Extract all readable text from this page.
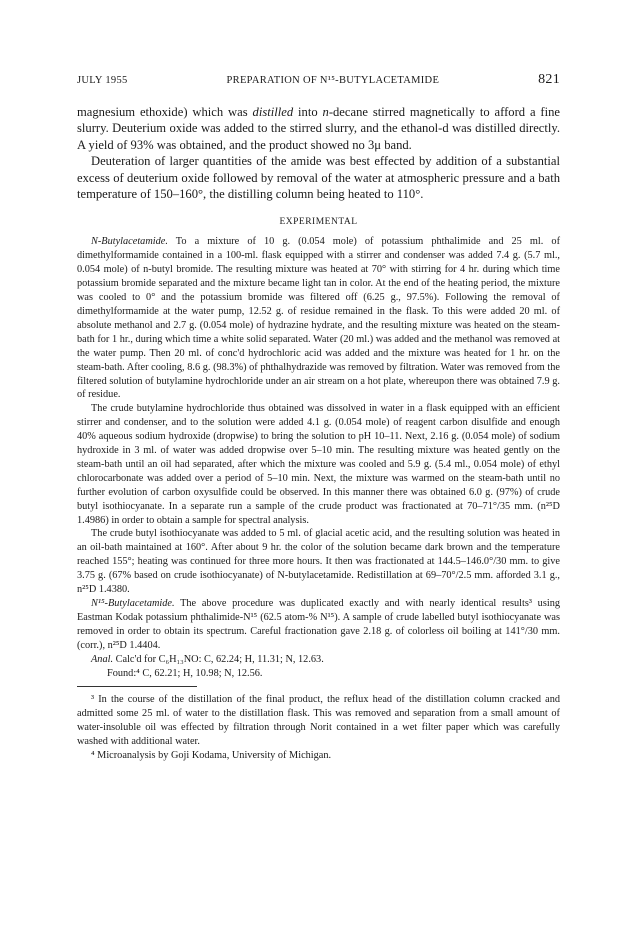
JULY 1955	PREPARATION OF N¹⁵-BUTYLACETAMIDE	821

magnesium ethoxide) which was distilled into n-decane stirred magnetically to afford a fine slurry. Deuterium oxide was added to the stirred slurry, and the ethanol-d was distilled directly. A yield of 93% was obtained, and the product showed no 3μ band.

Deuteration of larger quantities of the amide was best effected by addition of a substantial excess of deuterium oxide followed by removal of the water at atmospheric pressure and a bath temperature of 150–160°, the distilling column being heated to 110°.

EXPERIMENTAL

N-Butylacetamide. To a mixture of 10 g. (0.054 mole) of potassium phthalimide and 25 ml. of dimethylformamide contained in a 100-ml. flask equipped with a stirrer and condenser was added 7.4 g. (5.7 ml., 0.054 mole) of n-butyl bromide. The resulting mixture was heated at 70° with stirring for 4 hr. during which time potassium bromide separated and the mixture became light tan in color. At the end of the heating period, the mixture was cooled to 0° and the potassium bromide was filtered off (6.25 g., 97.5%). Following the removal of dimethylformamide at the water pump, 12.52 g. of residue remained in the flask. To this were added 20 ml. of absolute methanol and 2.7 g. (0.054 mole) of hydrazine hydrate, and the resulting mixture was heated on the steam-bath for 1 hr., during which time a white solid separated. Water (20 ml.) was added and the methanol was removed at the water pump. Then 20 ml. of conc'd hydrochloric acid was added and the mixture was heated for 1 hr. on the steam-bath. After cooling, 8.6 g. (98.3%) of phthalhydrazide was removed by filtration. Water was removed from the filtered solution of butylamine hydrochloride under an air stream on a hot plate, whereupon there was obtained 7.9 g. of residue.

The crude butylamine hydrochloride thus obtained was dissolved in water in a flask equipped with an efficient stirrer and condenser, and to the solution were added 4.1 g. (0.054 mole) of reagent carbon disulfide and enough 40% aqueous sodium hydroxide (dropwise) to bring the solution to pH 10–11. Next, 2.16 g. (0.054 mole) of sodium hydroxide in 3 ml. of water was added dropwise over 5–10 min. The resulting mixture was heated gently on the steam-bath until an oil had separated, after which the mixture was cooled and 5.9 g. (5.4 ml., 0.054 mole) of ethyl chlorocarbonate was added over a period of 5–10 min. Next, the mixture was warmed on the steam-bath until no further evolution of carbon oxysulfide could be observed. In this manner there was obtained 6.0 g. (97%) of crude butyl isothiocyanate. In a separate run a sample of the crude product was fractionated at 70–71°/35 mm. (n²⁵D 1.4986) in order to obtain a sample for spectral analysis.

The crude butyl isothiocyanate was added to 5 ml. of glacial acetic acid, and the resulting solution was heated in an oil-bath maintained at 160°. After about 9 hr. the color of the solution became dark brown and the temperature reached 155°; heating was continued for three more hours. It then was fractionated at 144.5–146.0°/30 mm. to give 3.75 g. (67% based on crude isothiocyanate) of N-butylacetamide. Redistillation at 69–70°/2.5 mm. afforded 3.1 g., n²⁵D 1.4380.

N¹⁵-Butylacetamide. The above procedure was duplicated exactly and with nearly identical results³ using Eastman Kodak potassium phthalimide-N¹⁵ (62.5 atom-% N¹⁵). A sample of crude labelled butyl isothiocyanate was removed in order to obtain its spectrum. Careful fractionation gave 2.18 g. of colorless oil boiling at 141°/30 mm. (corr.), n²⁵D 1.4404.

Anal. Calc'd for C₆H₁₃NO: C, 62.24; H, 11.31; N, 12.63.

Found:⁴ C, 62.21; H, 10.98; N, 12.56.

³ In the course of the distillation of the final product, the reflux head of the distillation column cracked and admitted some 25 ml. of water to the distillation flask. This was removed and separation from a small amount of water-insoluble oil was effected by filtration through Norit contained in a wet filter paper which was carefully washed with additional water.

⁴ Microanalysis by Goji Kodama, University of Michigan.
